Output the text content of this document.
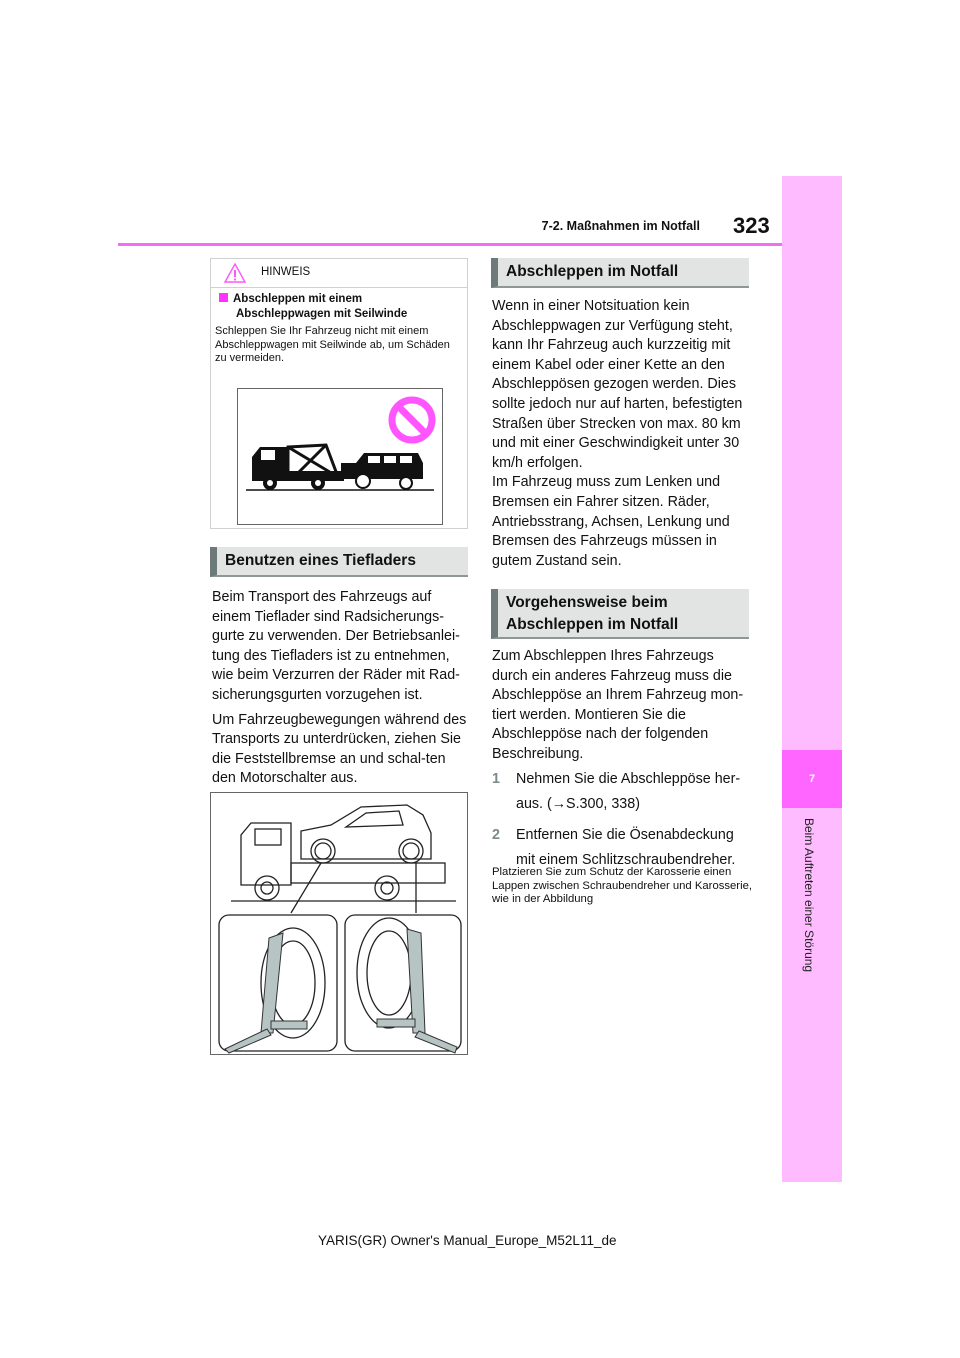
7-2. Maßnahmen im Notfall 323
7
Beim Auftreten einer Störung
HINWEIS
Abschleppen mit einem
Abschleppwagen mit Seilwinde
Schleppen Sie Ihr Fahrzeug nicht mit einem Abschleppwagen mit Seilwinde ab, um Schäden zu vermeiden.
Benutzen eines Tiefladers

Beim Transport des Fahrzeugs auf einem Tieflader sind Radsicherungs-gurte zu verwenden. Der Betriebsanlei-tung des Tiefladers ist zu entnehmen, wie beim Verzurren der Räder mit Rad-sicherungsgurten vorzugehen ist.

Um Fahrzeugbewegungen während des Transports zu unterdrücken, ziehen Sie die Feststellbremse an und schal-ten den Motorschalter aus.

Abschleppen im Notfall

Wenn in einer Notsituation kein Abschleppwagen zur Verfügung steht, kann Ihr Fahrzeug auch kurzzeitig mit einem Kabel oder einer Kette an den Abschleppösen gezogen werden. Dies sollte jedoch nur auf harten, befestigten Straßen über Strecken von max. 80 km und mit einer Geschwindigkeit unter 30 km/h erfolgen.

Im Fahrzeug muss zum Lenken und Bremsen ein Fahrer sitzen. Räder, Antriebsstrang, Achsen, Lenkung und Bremsen des Fahrzeugs müssen in gutem Zustand sein.

Vorgehensweise beim
Abschleppen im Notfall
Zum Abschleppen Ihres Fahrzeugs durch ein anderes Fahrzeug muss die Abschleppöse an Ihrem Fahrzeug mon-tiert werden. Montieren Sie die Abschleppöse nach der folgenden Beschreibung.
1	Nehmen Sie die Abschleppöse her-
aus. (→S.300, 338)
2	Entfernen Sie die Ösenabdeckung
mit einem Schlitzschraubendreher.
Platzieren Sie zum Schutz der Karosserie einen Lappen zwischen Schraubendreher und Karosserie, wie in der Abbildung
YARIS(GR) Owner's Manual_Europe_M52L11_de
